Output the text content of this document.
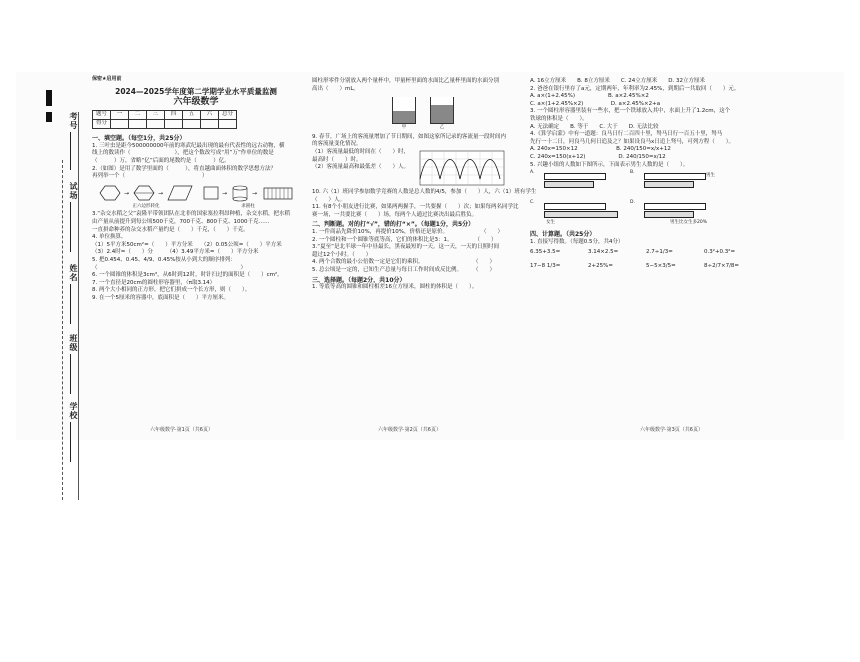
考号
试场
姓名
班级
学校
保密★启用前

2024—2025学年度第二学期学业水平质量监测

六年级数学

题号	一	二	三	四	五	六	总分
得分							

一、填空题。（每空1分，共25分）

1. 三叶虫是距今500000000年前的寒武纪最出现的最有代表性的远古动物，横

线上的数读作（　　　　　　　　），把这个数改写成“用”万”作单位的数是

（　　　）万，省略“亿”后面的尾数约是（　　　）亿。

2.（如图）是用了数学里面的（　　　），将直越曲面体积的数学思想方法？

再列举一个（　　　　　　　　　　　　　　）

→	→	→	→
正六边形转化	求圆柱

3.“杂交水稻之父”袁隆平带领团队在北非的国家塞拉利昂种植，杂交水稻，把水稻

由产量从前提升到每公顷500千克，700千克、800千克、1000千克……

一直拼命种养的杂交水稻产量约是（　　）千克，（　　）千克。

4. 单位换算。

（1）5平方米50cm²=（　　）平方分米　　（2）0.05公顷=（　　）平方米

（3）2.4时=（　　）分　　　（4）3.49平方米=（　　）平方分米

5. 把0.454、0.45、4/9、0.45%按从小到大的顺序排列：

（　　　　　　　　　　　　　　　　　　　　　　　　　　）

6. 一个圆锥的体积是3cm³，从6时到12时，时针扫过的面积是（　　）cm²。

7. 一个直径是20cm的圆柱形容器里，（π取3.14）

8. 两个大小相同的正方形，把它们拼成一个长方形，则（　　）。

9. 在一个5厘米的容器中，底面积是（　　）平方厘米。

六年级数学·第1页（共6页）

圆柱形零件分别放入两个量杯中，甲量杯里面的水面比乙量杯里面的水面分别

高出（　　）mL。

甲	乙

9. 春节，广场上的客流量增加了节日期间，如图这家所记录的客流量一段时间内

的客流量变化情况。

（1）客流量最低的时间在（　　）时，最高时（　　）时。

（2）客流量最高和最低差（　　）人。

10. 六（1）班同学参加数学竞赛的人数是总人数的4/5，参加（　　）人，六（1）班有学生

（　　）人。

11. 有8个小朋友进行比赛，如果两两握手，一共要握（　　）次；如果每两名同学比

赛一场，一共要比赛（　　）场，每两个人通过比赛决出最后胜负。

二、判断题。对的打“√”，错的打“×”。（每题1分，共5分）

1. 一件商品先降价10%，再提价10%，价格还是原价。　　　　　　　（　　）

2. 一个圆柱和一个圆锥等底等高，它们的体积比是3：1。　　　　　（　　）

3.“夏至”是北半球一年中昼最长，黑夜最短的一天。这一天，一天的日照时间

超过12个小时。（　　）

4. 两个合数的最小公倍数一定是它们的乘积。　　　　　　　　　　（　　）

5. 总公顷是一定的，已知生产总量与每日工作时间成反比例。　　　（　　）

三、选择题。（每题2分，共10分）

1. 等底等高的圆锥和圆柱相差16立方厘米，圆柱的体积是（　　）。

六年级数学·第2页（共6页）

A. 16立方厘米　　B. 8立方厘米　　C. 24立方厘米　　D. 32立方厘米

2. 爸爸在银行里存了a元，定期两年，年利率为2.45%，到期后一共取回（　　）元。

A. a×(1+2.45%)　　　　　　B. a×2.45%×2

C. a×(1+2.45%×2)　　　　　D. a×2.45%×2+a

3. 一个圆柱形容器里装有一些水，把一个铁球放入其中，水面上升了1.2cm，这个

铁球的体积是（　　）。

A. 无法确定　　B. 等于　　C. 大于　　D. 无法比较

4.《算学启蒙》中有一道题：良马日行二百四十里，驽马日行一百五十里，驽马

先行一十二日，问良马几何日追及之？如果设良马x日追上驽马，可列方程（　　）。

A. 240x=150×12　　　　　　　B. 240/150=x/x+12

C. 240x=150(x+12)　　　　　　D. 240/150=x/12

5. 兴趣小组的人数如下图所示，下面表示男生人数的是（　　）。

A.	B.
男生
C.
女生
D.
男生比女生多20%

四、计算题。（共25分）

1. 直接写得数。（每题0.5分，共4分）

6.35+3.5=	3.14×2.5=	2.7÷1/3=	0.3²+0.3²=

17−8 1/3=	2+25%=	5−5×3/5=	8÷2/7×7/8=

六年级数学·第3页（共6页）
